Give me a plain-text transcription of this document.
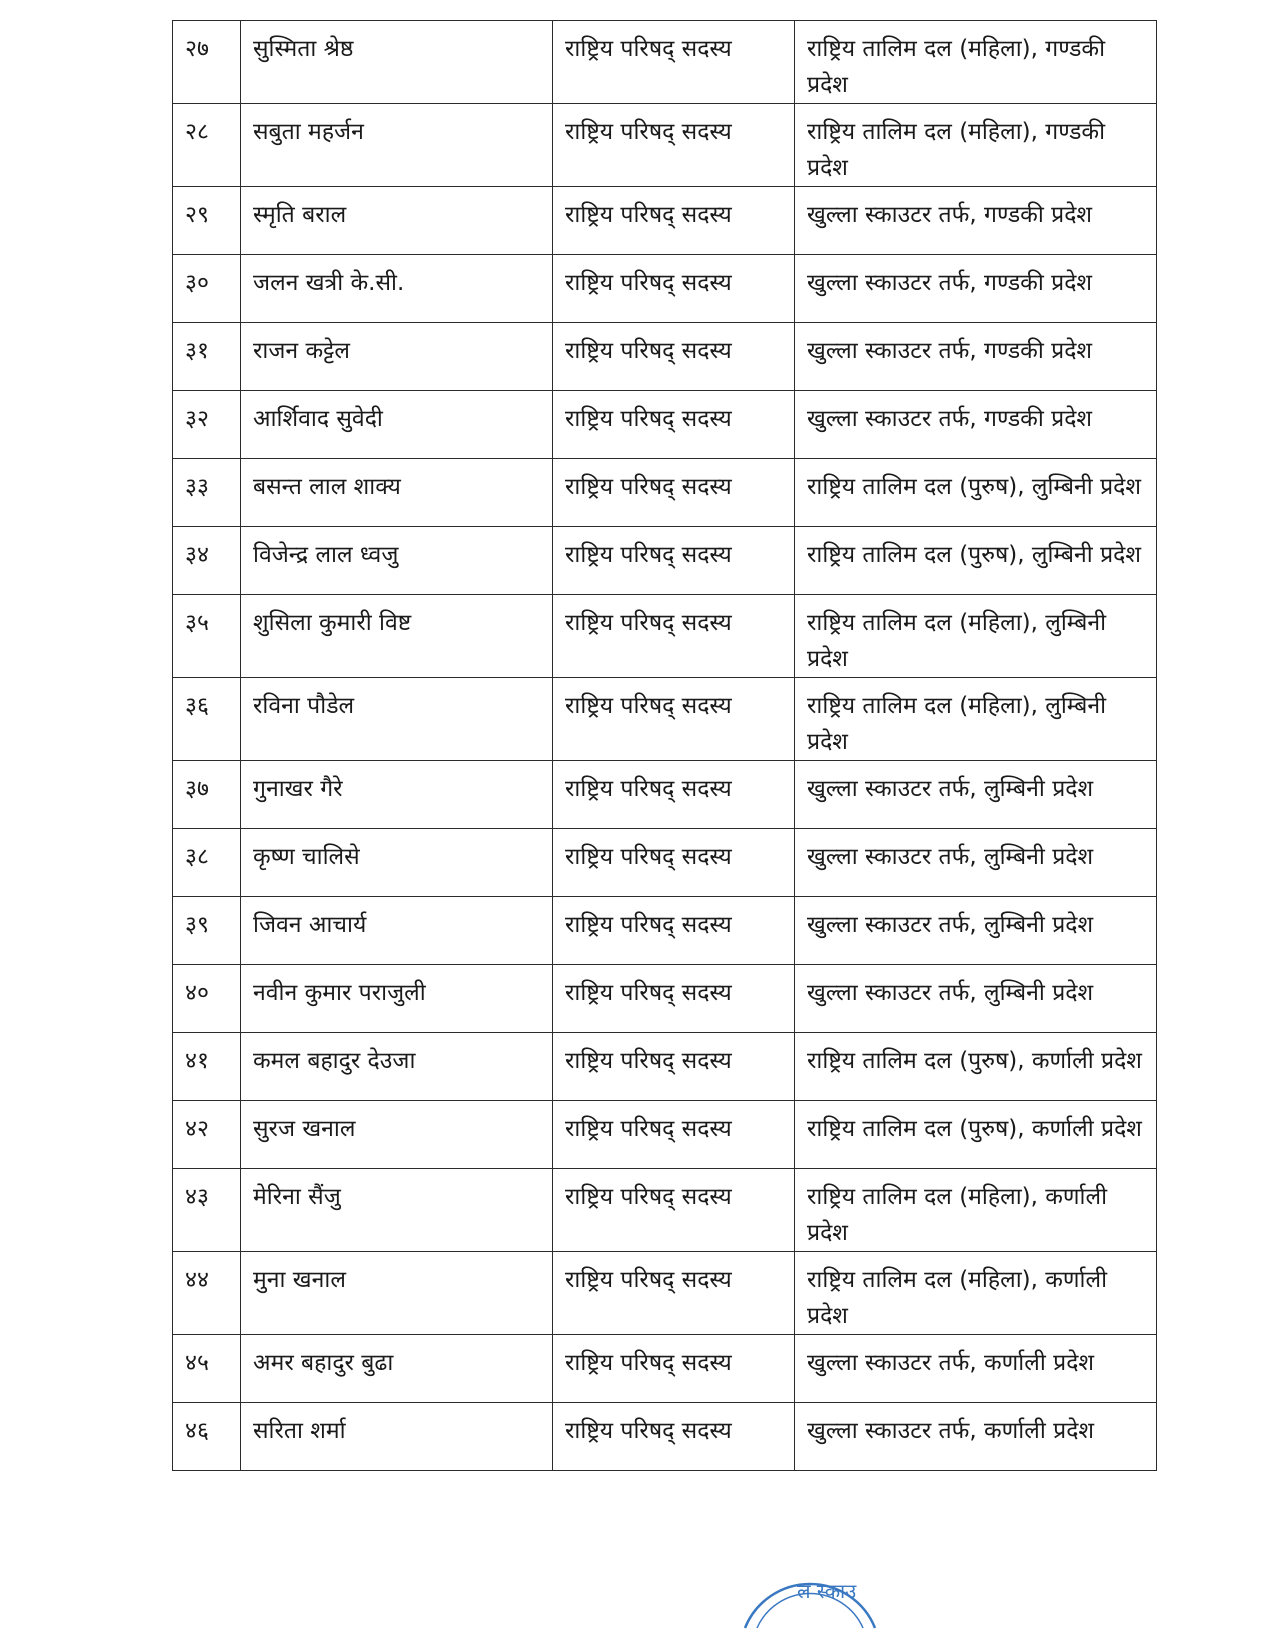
२७	सुस्मिता श्रेष्ठ	राष्ट्रिय परिषद् सदस्य	राष्ट्रिय तालिम दल (महिला), गण्डकी प्रदेश
२८	सबुता महर्जन	राष्ट्रिय परिषद् सदस्य	राष्ट्रिय तालिम दल (महिला), गण्डकी प्रदेश
२९	स्मृति बराल	राष्ट्रिय परिषद् सदस्य	खुल्ला स्काउटर तर्फ, गण्डकी प्रदेश
३०	जलन खत्री के.सी.	राष्ट्रिय परिषद् सदस्य	खुल्ला स्काउटर तर्फ, गण्डकी प्रदेश
३१	राजन कट्टेल	राष्ट्रिय परिषद् सदस्य	खुल्ला स्काउटर तर्फ, गण्डकी प्रदेश
३२	आर्शिवाद सुवेदी	राष्ट्रिय परिषद् सदस्य	खुल्ला स्काउटर तर्फ, गण्डकी प्रदेश
३३	बसन्त लाल शाक्य	राष्ट्रिय परिषद् सदस्य	राष्ट्रिय तालिम दल (पुरुष), लुम्बिनी प्रदेश
३४	विजेन्द्र लाल ध्वजु	राष्ट्रिय परिषद् सदस्य	राष्ट्रिय तालिम दल (पुरुष), लुम्बिनी प्रदेश
३५	शुसिला कुमारी विष्ट	राष्ट्रिय परिषद् सदस्य	राष्ट्रिय तालिम दल (महिला), लुम्बिनी प्रदेश
३६	रविना पौडेल	राष्ट्रिय परिषद् सदस्य	राष्ट्रिय तालिम दल (महिला), लुम्बिनी प्रदेश
३७	गुनाखर गैरे	राष्ट्रिय परिषद् सदस्य	खुल्ला स्काउटर तर्फ, लुम्बिनी प्रदेश
३८	कृष्ण चालिसे	राष्ट्रिय परिषद् सदस्य	खुल्ला स्काउटर तर्फ, लुम्बिनी प्रदेश
३९	जिवन आचार्य	राष्ट्रिय परिषद् सदस्य	खुल्ला स्काउटर तर्फ, लुम्बिनी प्रदेश
४०	नवीन कुमार पराजुली	राष्ट्रिय परिषद् सदस्य	खुल्ला स्काउटर तर्फ, लुम्बिनी प्रदेश
४१	कमल बहादुर देउजा	राष्ट्रिय परिषद् सदस्य	राष्ट्रिय तालिम दल (पुरुष), कर्णाली प्रदेश
४२	सुरज खनाल	राष्ट्रिय परिषद् सदस्य	राष्ट्रिय तालिम दल (पुरुष), कर्णाली प्रदेश
४३	मेरिना सैंजु	राष्ट्रिय परिषद् सदस्य	राष्ट्रिय तालिम दल (महिला), कर्णाली प्रदेश
४४	मुना खनाल	राष्ट्रिय परिषद् सदस्य	राष्ट्रिय तालिम दल (महिला), कर्णाली प्रदेश
४५	अमर बहादुर बुढा	राष्ट्रिय परिषद् सदस्य	खुल्ला स्काउटर तर्फ, कर्णाली प्रदेश
४६	सरिता शर्मा	राष्ट्रिय परिषद् सदस्य	खुल्ला स्काउटर तर्फ, कर्णाली प्रदेश
ल स्काउ
